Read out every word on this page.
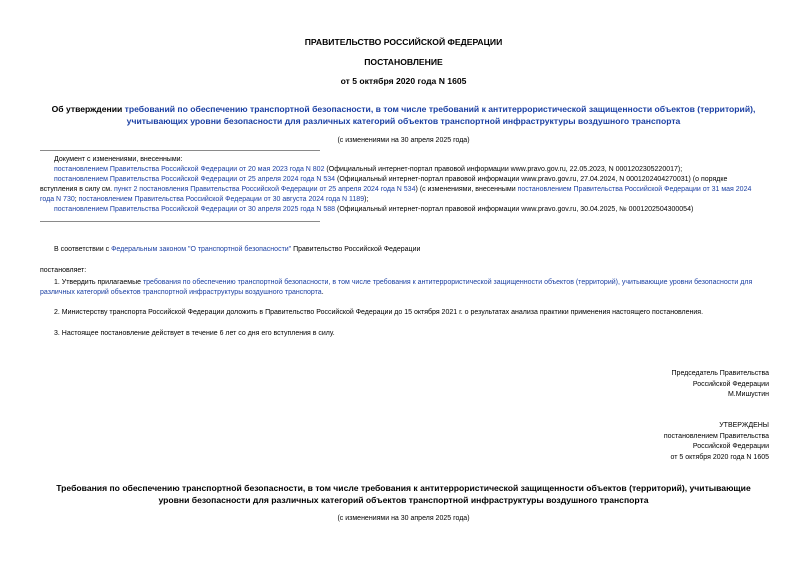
ПРАВИТЕЛЬСТВО РОССИЙСКОЙ ФЕДЕРАЦИИ
ПОСТАНОВЛЕНИЕ
от 5 октября 2020 года N 1605
Об утверждении требований по обеспечению транспортной безопасности, в том числе требований к антитеррористической защищенности объектов (территорий),
учитывающих уровни безопасности для различных категорий объектов транспортной инфраструктуры воздушного транспорта
(с изменениями на 30 апреля 2025 года)
Документ с изменениями, внесенными:
постановлением Правительства Российской Федерации от 20 мая 2023 года N 802 (Официальный интернет-портал правовой информации www.pravo.gov.ru, 22.05.2023, N 0001202305220017);
постановлением Правительства Российской Федерации от 25 апреля 2024 года N 534 (Официальный интернет-портал правовой информации www.pravo.gov.ru, 27.04.2024, N 0001202404270031) (о порядке
вступления в силу см. пункт 2 постановления Правительства Российской Федерации от 25 апреля 2024 года N 534) (с изменениями, внесенными постановлением Правительства Российской Федерации от 31 мая 2024
года N 730; постановлением Правительства Российской Федерации от 30 августа 2024 года N 1189);
постановлением Правительства Российской Федерации от 30 апреля 2025 года N 588 (Официальный интернет-портал правовой информации www.pravo.gov.ru, 30.04.2025, № 0001202504300054)
В соответствии с Федеральным законом "О транспортной безопасности" Правительство Российской Федерации
постановляет:
1. Утвердить прилагаемые требования по обеспечению транспортной безопасности, в том числе требования к антитеррористической защищенности объектов (территорий), учитывающие уровни безопасности для
различных категорий объектов транспортной инфраструктуры воздушного транспорта.
2. Министерству транспорта Российской Федерации доложить в Правительство Российской Федерации до 15 октября 2021 г. о результатах анализа практики применения настоящего постановления.
3. Настоящее постановление действует в течение 6 лет со дня его вступления в силу.
Председатель Правительства
Российской Федерации
М.Мишустин
УТВЕРЖДЕНЫ
постановлением Правительства
Российской Федерации
от 5 октября 2020 года N 1605
Требования по обеспечению транспортной безопасности, в том числе требования к антитеррористической защищенности объектов (территорий), учитывающие
уровни безопасности для различных категорий объектов транспортной инфраструктуры воздушного транспорта
(с изменениями на 30 апреля 2025 года)
